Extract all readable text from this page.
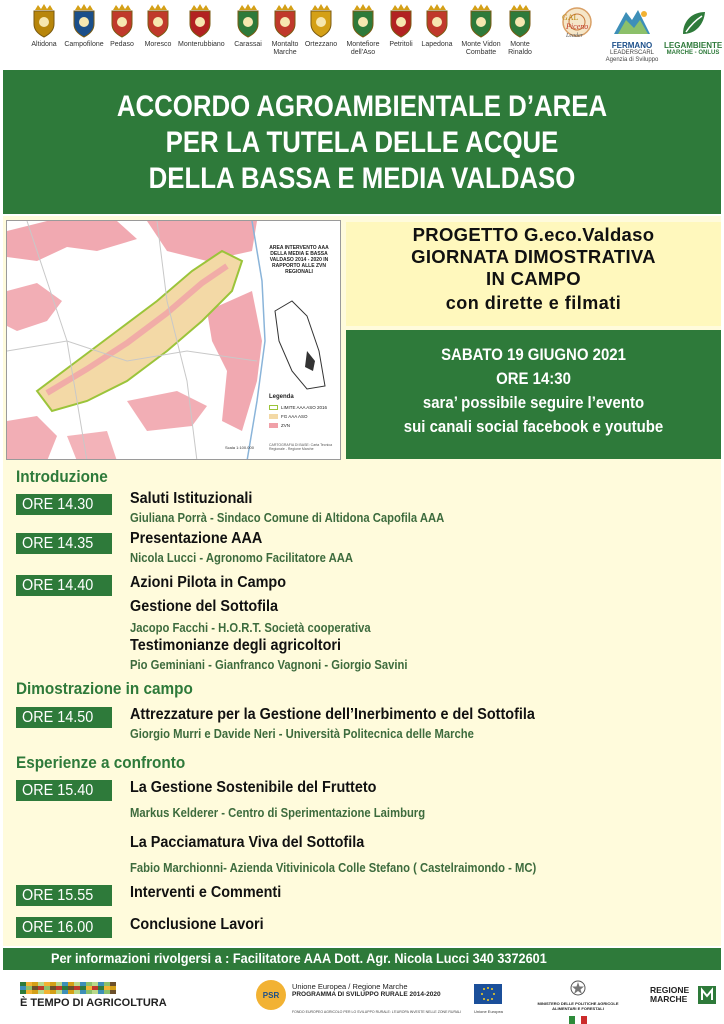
Altidona	Campofilone Pedaso	Moresco Monterubbiano	Carassai	Montalto
Marche
Ortezzano	Montefiore
dell'Aso
Petritoli	Lapedona	Monte Vidon
Combatte
Monte
Rinaldo
GAL
Piceno
Leader
FERMANO
LEADERSCARL
Agenzia di Sviluppo
LEGAMBIENTE
MARCHE - ONLUS
ACCORDO AGROAMBIENTALE D’AREA
PER LA TUTELA DELLE ACQUE
DELLA BASSA E MEDIA VALDASO
AREA INTERVENTO AAA DELLA MEDIA E BASSA VALDASO 2014 - 2020 IN RAPPORTO ALLE ZVN REGIONALI
Legenda
LIMITE AAA ASO 2016
FG AAA ASO
ZVN
Scala 1:100.000	CARTOGRAFIA DI BASE: Carta Tecnica Regionale - Regione Marche
PROGETTO G.eco.Valdaso
GIORNATA DIMOSTRATIVA
IN CAMPO
con dirette e filmati
SABATO 19 GIUGNO 2021
ORE 14:30
sara’ possibile seguire l’evento
sui canali social facebook e youtube
Introduzione
ORE 14.30	Saluti Istituzionali
Giuliana Porrà - Sindaco Comune di Altidona Capofila AAA
ORE 14.35	Presentazione AAA
Nicola Lucci - Agronomo Facilitatore AAA
ORE 14.40	Azioni Pilota in Campo
Gestione del Sottofila
Jacopo Facchi - H.O.R.T. Società cooperativa
Testimonianze degli agricoltori
Pio Geminiani - Gianfranco Vagnoni - Giorgio Savini
Dimostrazione in campo
ORE 14.50	Attrezzature per la Gestione dell’Inerbimento e del Sottofila
Giorgio Murri e Davide Neri - Università Politecnica delle Marche
Esperienze a confronto
ORE 15.40	La Gestione Sostenibile del Frutteto
Markus Kelderer - Centro di Sperimentazione Laimburg
La Pacciamatura Viva del Sottofila
Fabio Marchionni- Azienda Vitivinicola Colle Stefano ( Castelraimondo - MC)
ORE 15.55	Interventi e Commenti
ORE 16.00	Conclusione Lavori
Per informazioni rivolgersi a : Facilitatore AAA Dott. Agr. Nicola Lucci 340 3372601
È TEMPO DI AGRICOLTURA
PSR
Unione Europea / Regione Marche
PROGRAMMA DI SVILUPPO RURALE 2014-2020
FONDO EUROPEO AGRICOLO PER LO SVILUPPO RURALE: L'EUROPA INVESTE NELLE ZONE RURALI	Unione Europea
MINISTERO DELLE POLITICHE AGRICOLE ALIMENTARI E FORESTALI
REGIONE
MARCHE
